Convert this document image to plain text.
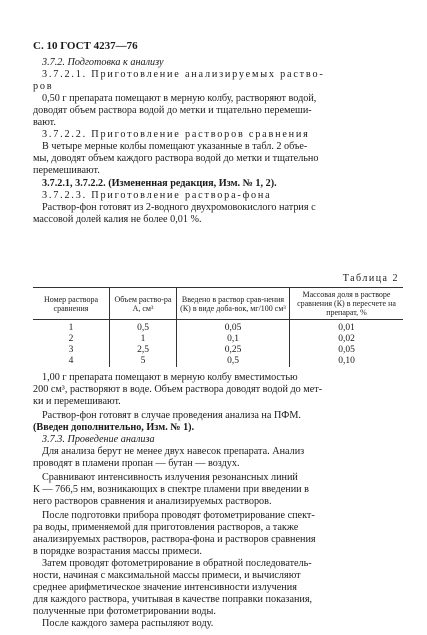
С. 10 ГОСТ 4237—76
3.7.2. Подготовка к анализу
3.7.2.1. Приготовление анализируемых раство-
ров
0,50 г препарата помещают в мерную колбу, растворяют водой,
доводят объем раствора водой до метки и тщательно перемеши-
вают.
3.7.2.2. Приготовление растворов сравнения
В четыре мерные колбы помещают указанные в табл. 2 объе-
мы, доводят объем каждого раствора водой до метки и тщательно
перемешивают.
3.7.2.1, 3.7.2.2. (Измененная редакция, Изм. № 1, 2).
3.7.2.3. Приготовление раствора-фона
Раствор-фон готовят из 2-водного двухромовокислого натрия с
массовой долей калия не более 0,01 %.
Таблица 2
Номер раствора сравнения	Объем раство-ра А, см³	Введено в раствор срав-нения (К) в виде доба-вок, мг/100 см³	Массовая доля в растворе сравнения (К) в пересчете на препарат, %
1	0,5	0,05	0,01
2	1	0,1	0,02
3	2,5	0,25	0,05
4	5	0,5	0,10
1,00 г препарата помещают в мерную колбу вместимостью
200 см³, растворяют в воде. Объем раствора доводят водой до мет-
ки и перемешивают.
Раствор-фон готовят в случае проведения анализа на ПФМ.
(Введен дополнительно, Изм. № 1).
3.7.3. Проведение анализа
Для анализа берут не менее двух навесок препарата. Анализ
проводят в пламени пропан — бутан — воздух.
Сравнивают интенсивность излучения резонансных линий
К — 766,5 нм, возникающих в спектре пламени при введении в
него растворов сравнения и анализируемых растворов.
После подготовки прибора проводят фотометрирование спект-
ра воды, применяемой для приготовления растворов, а также
анализируемых растворов, раствора-фона и растворов сравнения
в порядке возрастания массы примеси.
Затем проводят фотометрирование в обратной последователь-
ности, начиная с максимальной массы примеси, и вычисляют
среднее арифметическое значение интенсивности излучения
для каждого раствора, учитывая в качестве поправки показания,
полученные при фотометрировании воды.
После каждого замера распыляют воду.
